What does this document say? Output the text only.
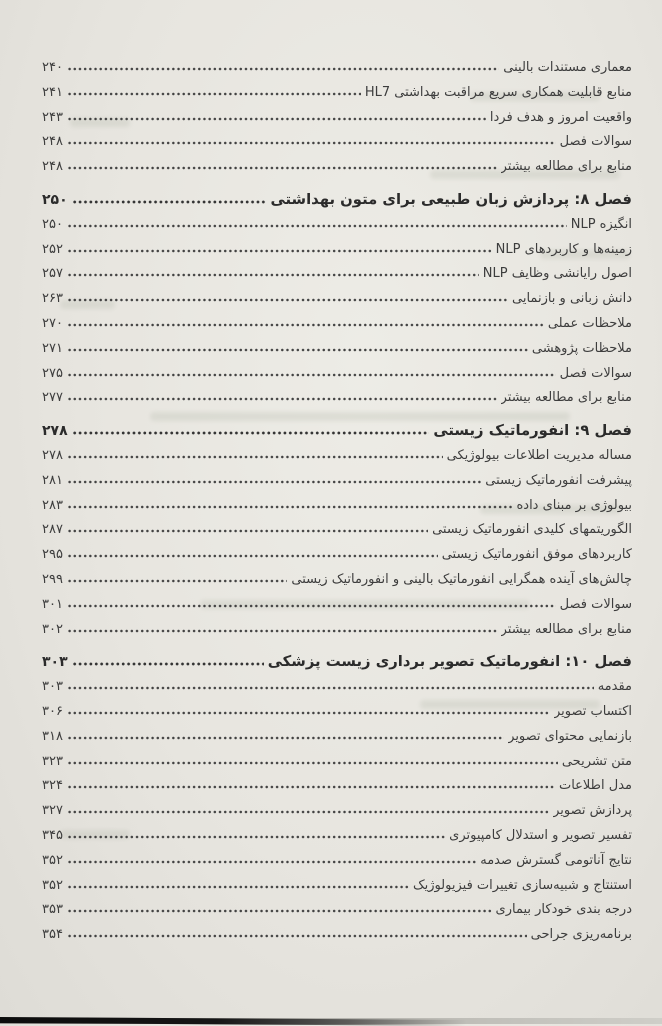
معماری مستندات بالینی
۲۴۰
منابع قابلیت همکاری سریع مراقبت بهداشتی HL7
۲۴۱
واقعیت امروز و هدف فردا
۲۴۳
سوالات فصل
۲۴۸
منابع برای مطالعه بیشتر
۲۴۸
فصل ۸: پردازش زبان طبیعی برای متون بهداشتی
۲۵۰
انگیزه NLP
۲۵۰
زمینه‌ها و کاربردهای NLP
۲۵۲
اصول رایانشی وظایف NLP
۲۵۷
دانش زبانی و بازنمایی
۲۶۳
ملاحظات عملی
۲۷۰
ملاحظات پژوهشی
۲۷۱
سوالات فصل
۲۷۵
منابع برای مطالعه بیشتر
۲۷۷
فصل ۹: انفورماتیک زیستی
۲۷۸
مساله مدیریت اطلاعات بیولوژیکی
۲۷۸
پیشرفت انفورماتیک زیستی
۲۸۱
بیولوژی بر مبنای داده
۲۸۳
الگوریتمهای کلیدی انفورماتیک زیستی
۲۸۷
کاربردهای موفق انفورماتیک زیستی
۲۹۵
چالش‌های آینده همگرایی انفورماتیک بالینی و انفورماتیک زیستی
۲۹۹
سوالات فصل
۳۰۱
منابع برای مطالعه بیشتر
۳۰۲
فصل ۱۰: انفورماتیک تصویر برداری زیست پزشکی
۳۰۳
مقدمه
۳۰۳
اکتساب تصویر
۳۰۶
بازنمایی محتوای تصویر
۳۱۸
متن تشریحی
۳۲۳
مدل اطلاعات
۳۲۴
پردازش تصویر
۳۲۷
تفسیر تصویر و استدلال کامپیوتری
۳۴۵
نتایج آناتومی گسترش صدمه
۳۵۲
استنتاج و شبیه‌سازی تغییرات فیزیولوژیک
۳۵۲
درجه بندی خودکار بیماری
۳۵۳
برنامه‌ریزی جراحی
۳۵۴
